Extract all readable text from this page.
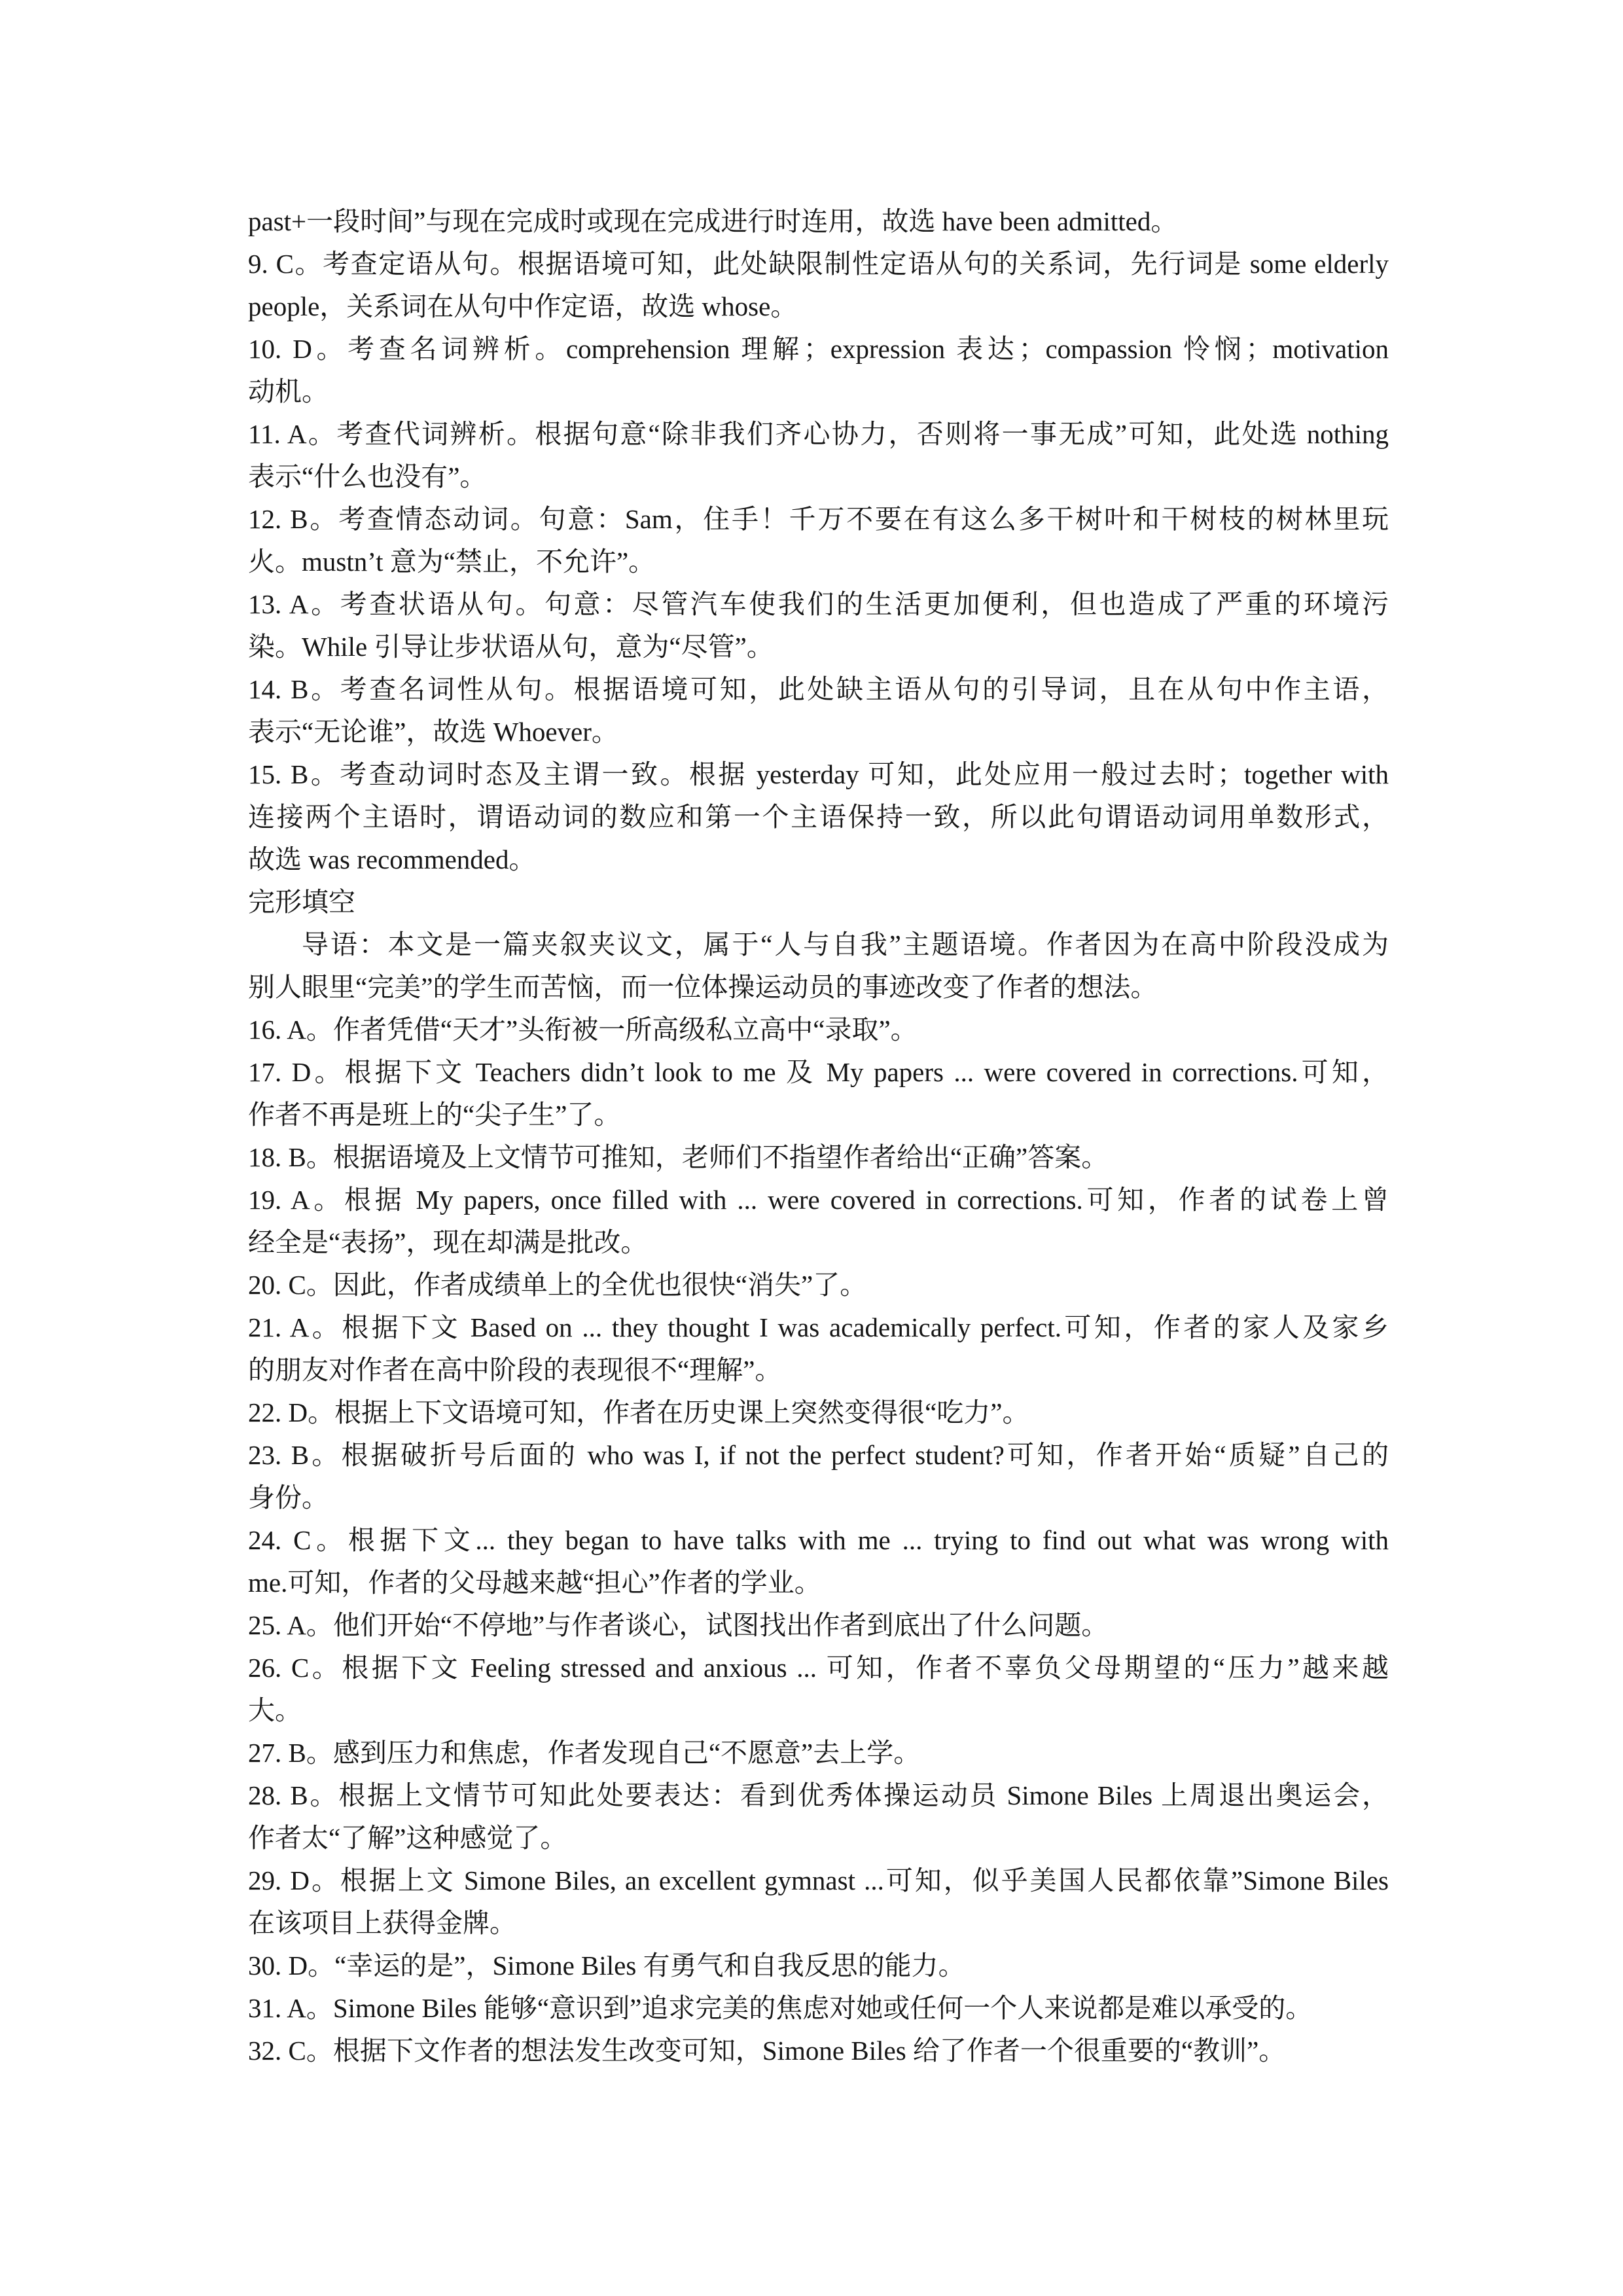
past+一段时间”与现在完成时或现在完成进行时连用，故选 have been admitted。
9. C。考查定语从句。根据语境可知，此处缺限制性定语从句的关系词，先行词是 some elderly
people，关系词在从句中作定语，故选 whose。
10. D。考查名词辨析。comprehension 理解；expression 表达；compassion 怜悯；motivation
动机。
11. A。考查代词辨析。根据句意“除非我们齐心协力，否则将一事无成”可知，此处选 nothing
表示“什么也没有”。
12. B。考查情态动词。句意：Sam，住手！千万不要在有这么多干树叶和干树枝的树林里玩
火。mustn’t 意为“禁止，不允许”。
13. A。考查状语从句。句意：尽管汽车使我们的生活更加便利，但也造成了严重的环境污
染。While 引导让步状语从句，意为“尽管”。
14. B。考查名词性从句。根据语境可知，此处缺主语从句的引导词，且在从句中作主语，
表示“无论谁”，故选 Whoever。
15. B。考查动词时态及主谓一致。根据 yesterday 可知，此处应用一般过去时；together with
连接两个主语时，谓语动词的数应和第一个主语保持一致，所以此句谓语动词用单数形式，
故选 was recommended。
完形填空
导语：本文是一篇夹叙夹议文，属于“人与自我”主题语境。作者因为在高中阶段没成为
别人眼里“完美”的学生而苦恼，而一位体操运动员的事迹改变了作者的想法。
16. A。作者凭借“天才”头衔被一所高级私立高中“录取”。
17. D。根据下文 Teachers didn’t look to me 及 My papers ... were covered in corrections.可知，
作者不再是班上的“尖子生”了。
18. B。根据语境及上文情节可推知，老师们不指望作者给出“正确”答案。
19. A。根据 My papers, once filled with ... were covered in corrections.可知，作者的试卷上曾
经全是“表扬”，现在却满是批改。
20. C。因此，作者成绩单上的全优也很快“消失”了。
21. A。根据下文 Based on ... they thought I was academically perfect.可知，作者的家人及家乡
的朋友对作者在高中阶段的表现很不“理解”。
22. D。根据上下文语境可知，作者在历史课上突然变得很“吃力”。
23. B。根据破折号后面的 who was I, if not the perfect student?可知，作者开始“质疑”自己的
身份。
24. C。根据下文... they began to have talks with me ... trying to find out what was wrong with
me.可知，作者的父母越来越“担心”作者的学业。
25. A。他们开始“不停地”与作者谈心，试图找出作者到底出了什么问题。
26. C。根据下文 Feeling stressed and anxious ... 可知，作者不辜负父母期望的“压力”越来越
大。
27. B。感到压力和焦虑，作者发现自己“不愿意”去上学。
28. B。根据上文情节可知此处要表达：看到优秀体操运动员 Simone Biles 上周退出奥运会，
作者太“了解”这种感觉了。
29. D。根据上文 Simone Biles, an excellent gymnast ...可知，似乎美国人民都依靠”Simone Biles
在该项目上获得金牌。
30. D。“幸运的是”，Simone Biles 有勇气和自我反思的能力。
31. A。Simone Biles 能够“意识到”追求完美的焦虑对她或任何一个人来说都是难以承受的。
32. C。根据下文作者的想法发生改变可知，Simone Biles 给了作者一个很重要的“教训”。
